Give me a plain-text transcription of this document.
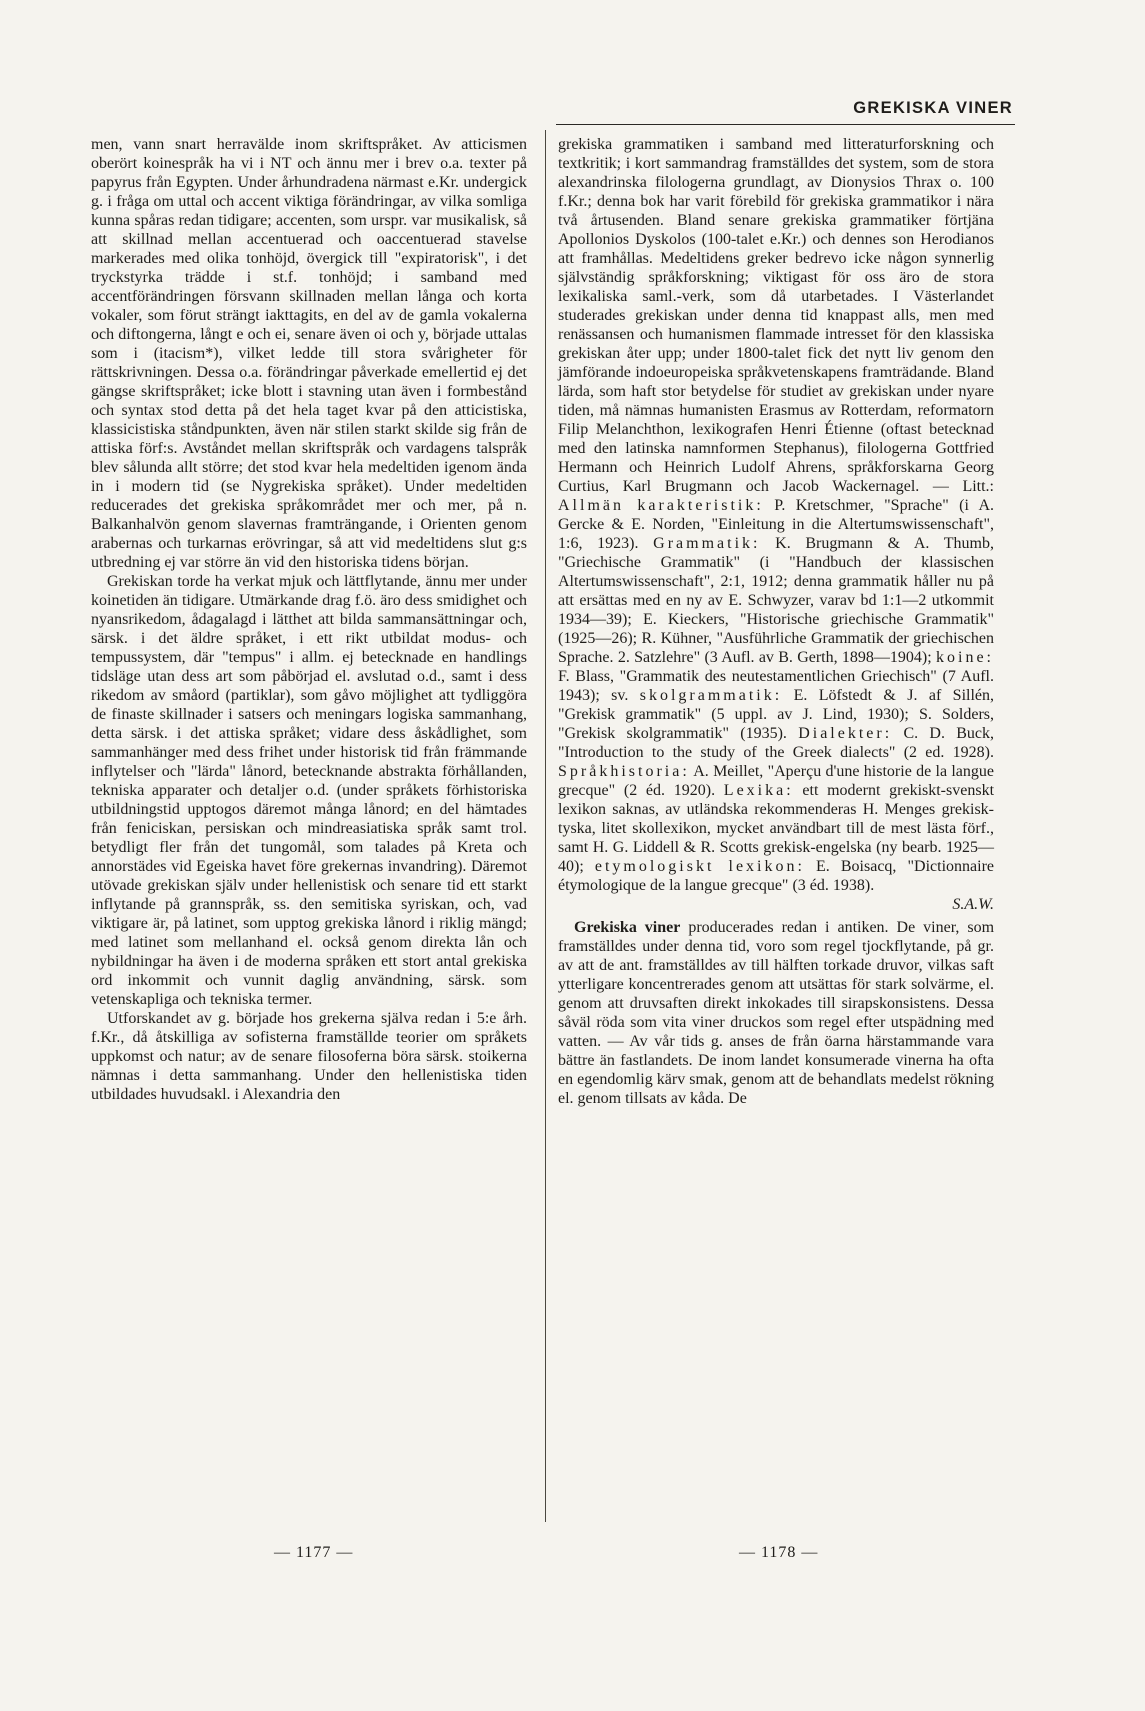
GREKISKA VINER

men, vann snart herravälde inom skriftspråket. Av atticismen oberört koinespråk ha vi i NT och ännu mer i brev o.a. texter på papyrus från Egypten. Under århundradena närmast e.Kr. undergick g. i fråga om uttal och accent viktiga förändringar, av vilka somliga kunna spåras redan tidigare; accenten, som urspr. var musikalisk, så att skillnad mellan accentuerad och oaccentuerad stavelse markerades med olika tonhöjd, övergick till "expiratorisk", i det tryckstyrka trädde i st.f. tonhöjd; i samband med accentförändringen försvann skillnaden mellan långa och korta vokaler, som förut strängt iakttagits, en del av de gamla vokalerna och diftongerna, långt e och ei, senare även oi och y, började uttalas som i (itacism*), vilket ledde till stora svårigheter för rättskrivningen. Dessa o.a. förändringar påverkade emellertid ej det gängse skriftspråket; icke blott i stavning utan även i formbestånd och syntax stod detta på det hela taget kvar på den atticistiska, klassicistiska ståndpunkten, även när stilen starkt skilde sig från de attiska förf:s. Avståndet mellan skriftspråk och vardagens talspråk blev sålunda allt större; det stod kvar hela medeltiden igenom ända in i modern tid (se Nygrekiska språket). Under medeltiden reducerades det grekiska språkområdet mer och mer, på n. Balkanhalvön genom slavernas framträngande, i Orienten genom arabernas och turkarnas erövringar, så att vid medeltidens slut g:s utbredning ej var större än vid den historiska tidens början.

Grekiskan torde ha verkat mjuk och lättflytande, ännu mer under koinetiden än tidigare. Utmärkande drag f.ö. äro dess smidighet och nyansrikedom, ådagalagd i lätthet att bilda sammansättningar och, särsk. i det äldre språket, i ett rikt utbildat modus- och tempussystem, där "tempus" i allm. ej betecknade en handlings tidsläge utan dess art som påbörjad el. avslutad o.d., samt i dess rikedom av småord (partiklar), som gåvo möjlighet att tydliggöra de finaste skillnader i satsers och meningars logiska sammanhang, detta särsk. i det attiska språket; vidare dess åskådlighet, som sammanhänger med dess frihet under historisk tid från främmande inflytelser och "lärda" lånord, betecknande abstrakta förhållanden, tekniska apparater och detaljer o.d. (under språkets förhistoriska utbildningstid upptogos däremot många lånord; en del hämtades från feniciskan, persiskan och mindreasiatiska språk samt trol. betydligt fler från det tungomål, som talades på Kreta och annorstädes vid Egeiska havet före grekernas invandring). Däremot utövade grekiskan själv under hellenistisk och senare tid ett starkt inflytande på grannspråk, ss. den semitiska syriskan, och, vad viktigare är, på latinet, som upptog grekiska lånord i riklig mängd; med latinet som mellanhand el. också genom direkta lån och nybildningar ha även i de moderna språken ett stort antal grekiska ord inkommit och vunnit daglig användning, särsk. som vetenskapliga och tekniska termer.

Utforskandet av g. började hos grekerna själva redan i 5:e årh. f.Kr., då åtskilliga av sofisterna framställde teorier om språkets uppkomst och natur; av de senare filosoferna böra särsk. stoikerna nämnas i detta sammanhang. Under den hellenistiska tiden utbildades huvudsakl. i Alexandria den

grekiska grammatiken i samband med litteraturforskning och textkritik; i kort sammandrag framställdes det system, som de stora alexandrinska filologerna grundlagt, av Dionysios Thrax o. 100 f.Kr.; denna bok har varit förebild för grekiska grammatikor i nära två årtusenden. Bland senare grekiska grammatiker förtjäna Apollonios Dyskolos (100-talet e.Kr.) och dennes son Herodianos att framhållas. Medeltidens greker bedrevo icke någon synnerlig självständig språkforskning; viktigast för oss äro de stora lexikaliska saml.-verk, som då utarbetades. I Västerlandet studerades grekiskan under denna tid knappast alls, men med renässansen och humanismen flammade intresset för den klassiska grekiskan åter upp; under 1800-talet fick det nytt liv genom den jämförande indoeuropeiska språkvetenskapens framträdande. Bland lärda, som haft stor betydelse för studiet av grekiskan under nyare tiden, må nämnas humanisten Erasmus av Rotterdam, reformatorn Filip Melanchthon, lexikografen Henri Étienne (oftast betecknad med den latinska namnformen Stephanus), filologerna Gottfried Hermann och Heinrich Ludolf Ahrens, språkforskarna Georg Curtius, Karl Brugmann och Jacob Wackernagel. — Litt.: Allmän karakteristik: P. Kretschmer, "Sprache" (i A. Gercke & E. Norden, "Einleitung in die Altertumswissenschaft", 1:6, 1923). Grammatik: K. Brugmann & A. Thumb, "Griechische Grammatik" (i "Handbuch der klassischen Altertumswissenschaft", 2:1, 1912; denna grammatik håller nu på att ersättas med en ny av E. Schwyzer, varav bd 1:1—2 utkommit 1934—39); E. Kieckers, "Historische griechische Grammatik" (1925—26); R. Kühner, "Ausführliche Grammatik der griechischen Sprache. 2. Satzlehre" (3 Aufl. av B. Gerth, 1898—1904); koine: F. Blass, "Grammatik des neutestamentlichen Griechisch" (7 Aufl. 1943); sv. skolgrammatik: E. Löfstedt & J. af Sillén, "Grekisk grammatik" (5 uppl. av J. Lind, 1930); S. Solders, "Grekisk skolgrammatik" (1935). Dialekter: C. D. Buck, "Introduction to the study of the Greek dialects" (2 ed. 1928). Språkhistoria: A. Meillet, "Aperçu d'une historie de la langue grecque" (2 éd. 1920). Lexika: ett modernt grekiskt-svenskt lexikon saknas, av utländska rekommenderas H. Menges grekisk-tyska, litet skollexikon, mycket användbart till de mest lästa förf., samt H. G. Liddell & R. Scotts grekisk-engelska (ny bearb. 1925—40); etymologiskt lexikon: E. Boisacq, "Dictionnaire étymologique de la langue grecque" (3 éd. 1938).

S.A.W.

Grekiska viner producerades redan i antiken. De viner, som framställdes under denna tid, voro som regel tjockflytande, på gr. av att de ant. framställdes av till hälften torkade druvor, vilkas saft ytterligare koncentrerades genom att utsättas för stark solvärme, el. genom att druvsaften direkt inkokades till sirapskonsistens. Dessa såväl röda som vita viner druckos som regel efter utspädning med vatten. — Av vår tids g. anses de från öarna härstammande vara bättre än fastlandets. De inom landet konsumerade vinerna ha ofta en egendomlig kärv smak, genom att de behandlats medelst rökning el. genom tillsats av kåda. De

— 1177 —	— 1178 —
